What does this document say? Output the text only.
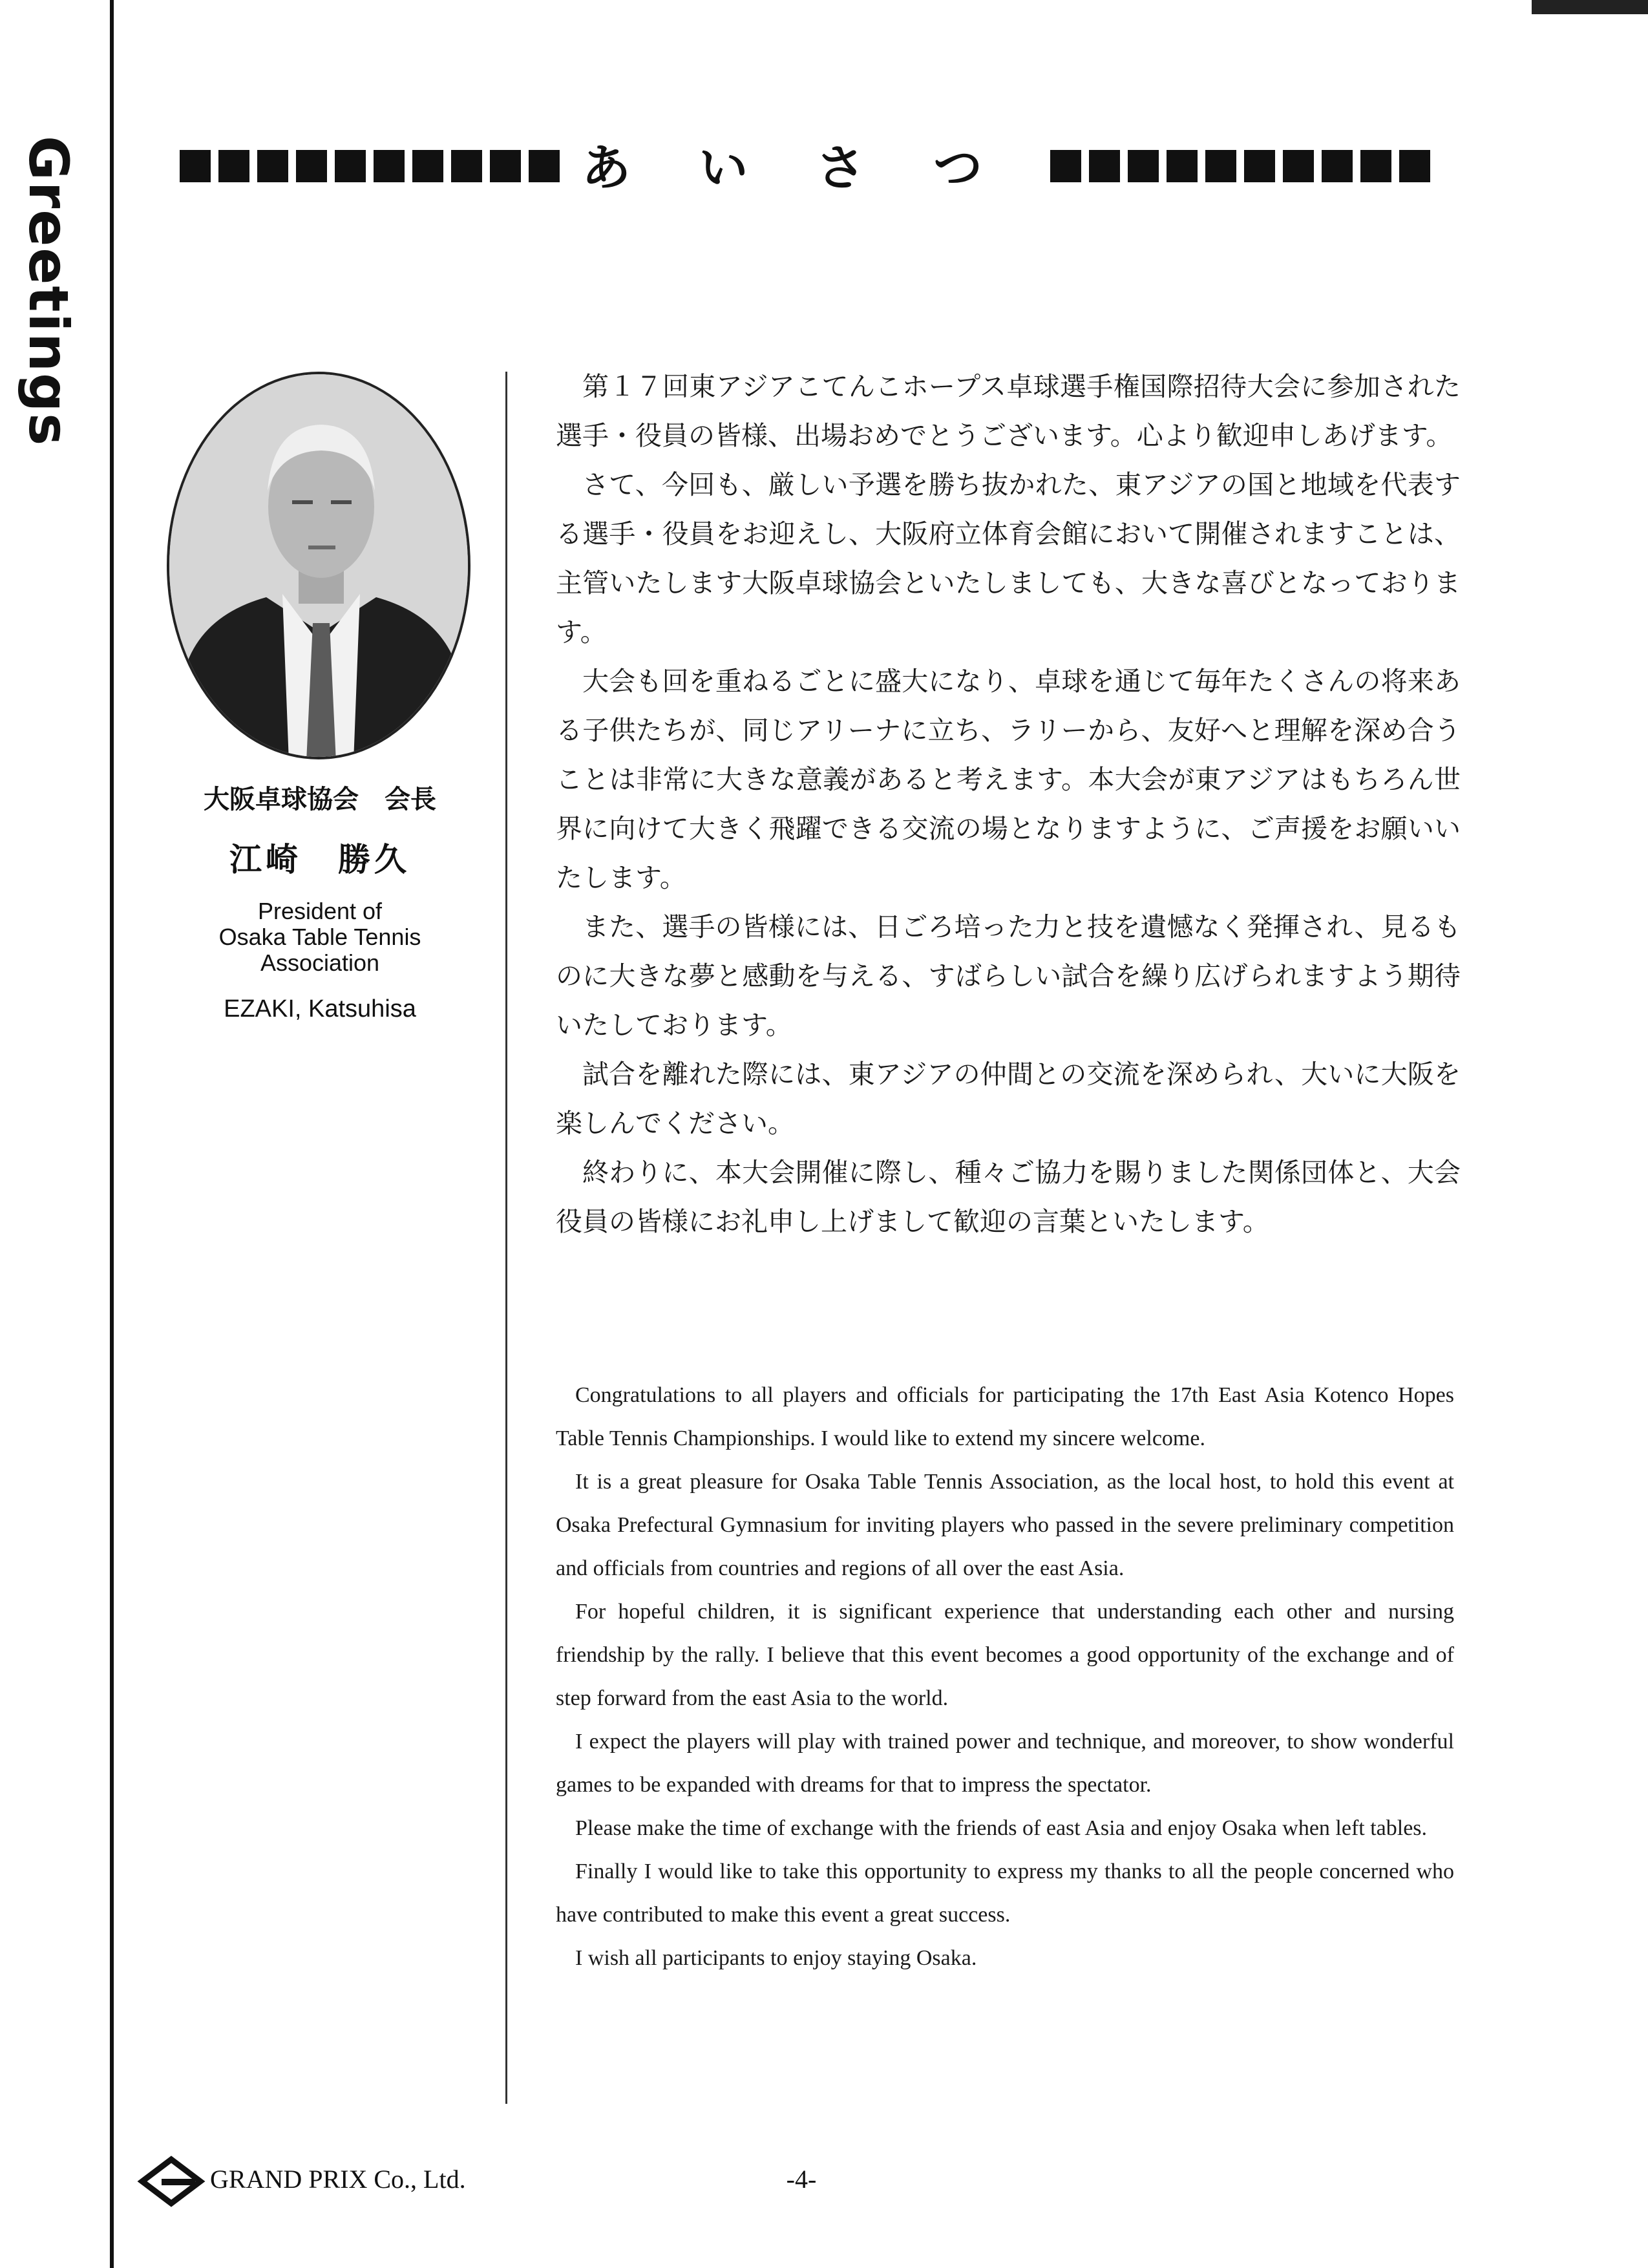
Greetings	あ い さ つ
大阪卓球協会　会長
江崎　勝久
President of
Osaka Table Tennis
Association
EZAKI, Katsuhisa

第１７回東アジアこてんこホープス卓球選手権国際招待大会に参加された選手・役員の皆様、出場おめでとうございます。心より歓迎申しあげます。

さて、今回も、厳しい予選を勝ち抜かれた、東アジアの国と地域を代表する選手・役員をお迎えし、大阪府立体育会館において開催されますことは、主管いたします大阪卓球協会といたしましても、大きな喜びとなっております。

大会も回を重ねるごとに盛大になり、卓球を通じて毎年たくさんの将来ある子供たちが、同じアリーナに立ち、ラリーから、友好へと理解を深め合うことは非常に大きな意義があると考えます。本大会が東アジアはもちろん世界に向けて大きく飛躍できる交流の場となりますように、ご声援をお願いいたします。

また、選手の皆様には、日ごろ培った力と技を遺憾なく発揮され、見るものに大きな夢と感動を与える、すばらしい試合を繰り広げられますよう期待いたしております。

試合を離れた際には、東アジアの仲間との交流を深められ、大いに大阪を楽しんでください。

終わりに、本大会開催に際し、種々ご協力を賜りました関係団体と、大会役員の皆様にお礼申し上げまして歓迎の言葉といたします。

Congratulations to all players and officials for participating the 17th East Asia Kotenco Hopes Table Tennis Championships. I would like to extend my sincere welcome.

It is a great pleasure for Osaka Table Tennis Association, as the local host, to hold this event at Osaka Prefectural Gymnasium for inviting players who passed in the severe preliminary competition and officials from countries and regions of all over the east Asia.

For hopeful children, it is significant experience that understanding each other and nursing friendship by the rally. I believe that this event becomes a good opportunity of the exchange and of step forward from the east Asia to the world.

I expect the players will play with trained power and technique, and moreover, to show wonderful games to be expanded with dreams for that to impress the spectator.

Please make the time of exchange with the friends of east Asia and enjoy Osaka when left tables.

Finally I would like to take this opportunity to express my thanks to all the people concerned who have contributed to make this event a great success.

I wish all participants to enjoy staying Osaka.

GRAND PRIX Co., Ltd.	-4-
